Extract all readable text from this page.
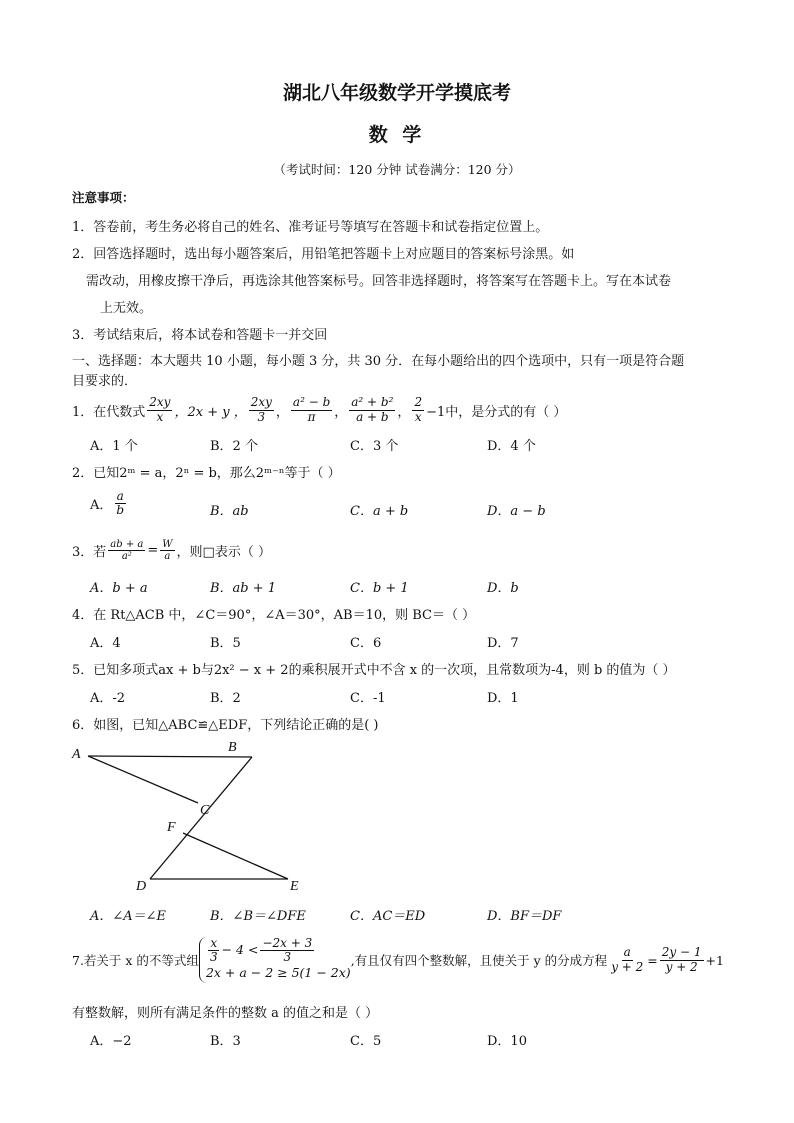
湖北八年级数学开学摸底考
数 学
（考试时间：120 分钟 试卷满分：120 分）
注意事项：
1．答卷前，考生务必将自己的姓名、准考证号等填写在答题卡和试卷指定位置上。
2．回答选择题时，选出每小题答案后，用铅笔把答题卡上对应题目的答案标号涂黑。如
需改动，用橡皮擦干净后，再选涂其他答案标号。回答非选择题时，将答案写在答题卡上。写在本试卷
上无效。
3．考试结束后，将本试卷和答题卡一并交回
一、选择题：本大题共 10 小题，每小题 3 分，共 30 分．在每小题给出的四个选项中，只有一项是符合题
目要求的．
1．在代数式 $\frac{2xy}{x}$ ，2x + y ， $\frac{2xy}{3}$ ， $\frac{\text{a² − b}}{\pi}$ ， $\frac{\text{a² + b²}}{a + b}$ ， $\frac{2}{x} -1$中，是分式的有（ ）
A．1 个	B．2 个	C．3 个	D．4 个
2．已知2ᵐ = a，2ⁿ = b，那么2ᵐ⁻ⁿ等于（ ）
A． $\frac{a}{b}$	B．ab	C．a + b	D．a − b
3．若 $\frac{ab + a}{\text{a²}} = \frac{W}{a}$ ，则□表示（ ）
A．b + a	B．ab + 1	C．b + 1	D．b
4．在 Rt△ACB 中，∠C＝90°，∠A＝30°，AB＝10，则 BC＝（ ）
A．4	B．5	C．6	D．7
5．已知多项式ax + b与2x² − x + 2的乘积展开式中不含 x 的一次项，且常数项为-4，则 b 的值为（ ）
A．-2	B．2	C．-1	D．1
6．如图，已知△ABC≌△EDF，下列结论正确的是( )
A	B
C
F
D	E
A．∠A＝∠E	B．∠B＝∠DFE	C．AC＝ED	D．BF＝DF
7.若关于 x 的不等式组 $\frac{x}{3} - 4 < \frac{-2x + 3}{3}$
2x + a − 2 ≥ 5(1 − 2x)
,有且仅有四个整数解，且使关于 y 的分成方程 $\frac{a}{y + 2} = \frac{2y - 1}{y + 2} +1$
有整数解，则所有满足条件的整数 a 的值之和是（ ）
A．−2	B．3	C．5	D．10
